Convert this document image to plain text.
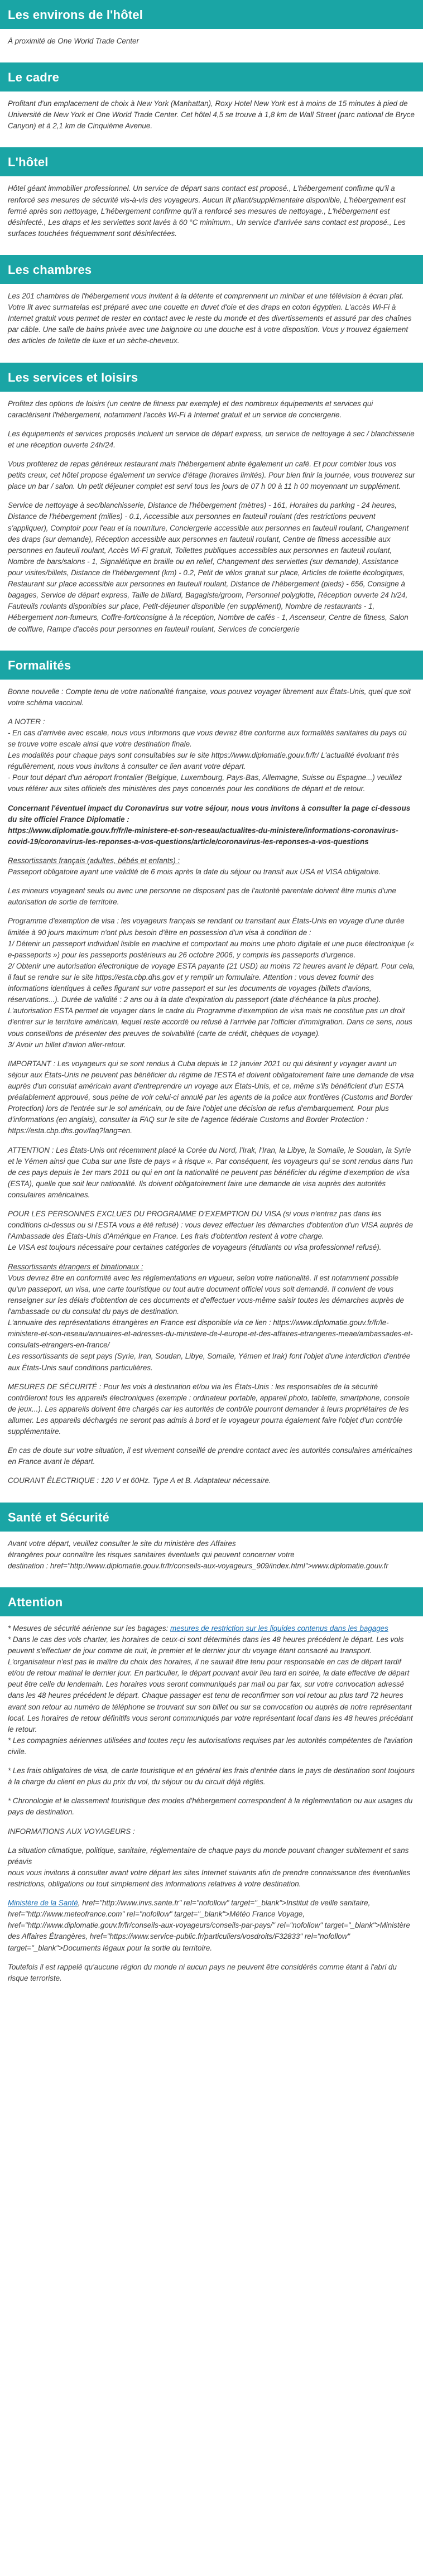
Les environs de l'hôtel

À proximité de One World Trade Center

Le cadre

Profitant d'un emplacement de choix à New York (Manhattan), Roxy Hotel New York est à moins de 15 minutes à pied de Université de New York et One World Trade Center. Cet hôtel 4,5 se trouve à 1,8 km de Wall Street (parc national de Bryce Canyon) et à 2,1 km de Cinquième Avenue.

L'hôtel

Hôtel géant immobilier professionnel. Un service de départ sans contact est proposé., L'hébergement confirme qu'il a renforcé ses mesures de sécurité vis-à-vis des voyageurs. Aucun lit pliant/supplémentaire disponible, L'hébergement est fermé après son nettoyage, L'hébergement confirme qu'il a renforcé ses mesures de nettoyage., L'hébergement est désinfecté., Les draps et les serviettes sont lavés à 60 °C minimum., Un service d'arrivée sans contact est proposé., Les surfaces touchées fréquemment sont désinfectées.

Les chambres

Les 201 chambres de l'hébergement vous invitent à la détente et comprennent un minibar et une télévision à écran plat. Votre lit avec surmatelas est préparé avec une couette en duvet d'oie et des draps en coton égyptien. L'accès Wi-Fi à Internet gratuit vous permet de rester en contact avec le reste du monde et des divertissements et assuré par des chaînes par câble. Une salle de bains privée avec une baignoire ou une douche est à votre disposition. Vous y trouvez également des articles de toilette de luxe et un sèche-cheveux.

Les services et loisirs

Profitez des options de loisirs (un centre de fitness par exemple) et des nombreux équipements et services qui caractérisent l'hébergement, notamment l'accès Wi-Fi à Internet gratuit et un service de conciergerie.

Les équipements et services proposés incluent un service de départ express, un service de nettoyage à sec / blanchisserie et une réception ouverte 24h/24.

Vous profiterez de repas généreux restaurant mais l'hébergement abrite également un café. Et pour combler tous vos petits creux, cet hôtel propose également un service d'étage (horaires limités). Pour bien finir la journée, vous trouverez sur place un bar / salon. Un petit déjeuner complet est servi tous les jours de 07 h 00 à 11 h 00 moyennant un supplément.

Service de nettoyage à sec/blanchisserie, Distance de l'hébergement (mètres) - 161, Horaires du parking - 24 heures, Distance de l'hébergement (milles) - 0.1, Accessible aux personnes en fauteuil roulant (des restrictions peuvent s'appliquer), Comptoir pour l'eau et la nourriture, Conciergerie accessible aux personnes en fauteuil roulant, Changement des draps (sur demande), Réception accessible aux personnes en fauteuil roulant, Centre de fitness accessible aux personnes en fauteuil roulant, Accès Wi-Fi gratuit, Toilettes publiques accessibles aux personnes en fauteuil roulant, Nombre de bars/salons - 1, Signalétique en braille ou en relief, Changement des serviettes (sur demande), Assistance pour visites/billets, Distance de l'hébergement (km) - 0.2, Petit de vélos gratuit sur place, Articles de toilette écologiques, Restaurant sur place accessible aux personnes en fauteuil roulant, Distance de l'hébergement (pieds) - 656, Consigne à bagages, Service de départ express, Taille de billard, Bagagiste/groom, Personnel polyglotte, Réception ouverte 24 h/24, Fauteuils roulants disponibles sur place, Petit-déjeuner disponible (en supplément), Nombre de restaurants - 1, Hébergement non-fumeurs, Coffre-fort/consigne à la réception, Nombre de cafés - 1, Ascenseur, Centre de fitness, Salon de coiffure, Rampe d'accès pour personnes en fauteuil roulant, Services de conciergerie

Formalités

Bonne nouvelle : Compte tenu de votre nationalité française, vous pouvez voyager librement aux États-Unis, quel que soit votre schéma vaccinal.

A NOTER :
- En cas d'arrivée avec escale, nous vous informons que vous devrez être conforme aux formalités sanitaires du pays où se trouve votre escale ainsi que votre destination finale.
Les modalités pour chaque pays sont consultables sur le site https://www.diplomatie.gouv.fr/fr/ L'actualité évoluant très régulièrement, nous vous invitons à consulter ce lien avant votre départ.
- Pour tout départ d'un aéroport frontalier (Belgique, Luxembourg, Pays-Bas, Allemagne, Suisse ou Espagne...) veuillez vous référer aux sites officiels des ministères des pays concernés pour les conditions de départ et de retour.

Concernant l'éventuel impact du Coronavirus sur votre séjour, nous vous invitons à consulter la page ci-dessous du site officiel France Diplomatie :
https://www.diplomatie.gouv.fr/fr/le-ministere-et-son-reseau/actualites-du-ministere/informations-coronavirus-covid-19/coronavirus-les-reponses-a-vos-questions/article/coronavirus-les-reponses-a-vos-questions

Ressortissants français (adultes, bébés et enfants) :

Passeport obligatoire ayant une validité de 6 mois après la date du séjour ou transit aux USA et VISA obligatoire.

Les mineurs voyageant seuls ou avec une personne ne disposant pas de l'autorité parentale doivent être munis d'une autorisation de sortie de territoire.

Programme d'exemption de visa : les voyageurs français se rendant ou transitant aux États-Unis en voyage d'une durée limitée à 90 jours maximum n'ont plus besoin d'être en possession d'un visa à condition de :
1/ Détenir un passeport individuel lisible en machine et comportant au moins une photo digitale et une puce électronique (« e-passeports ») pour les passeports postérieurs au 26 octobre 2006, y compris les passeports d'urgence.
2/ Obtenir une autorisation électronique de voyage ESTA payante (21 USD) au moins 72 heures avant le départ. Pour cela, il faut se rendre sur le site https://esta.cbp.dhs.gov et y remplir un formulaire. Attention : vous devez fournir des informations identiques à celles figurant sur votre passeport et sur les documents de voyages (billets d'avions, réservations...). Durée de validité : 2 ans ou à la date d'expiration du passeport (date d'échéance la plus proche). L'autorisation ESTA permet de voyager dans le cadre du Programme d'exemption de visa mais ne constitue pas un droit d'entrer sur le territoire américain, lequel reste accordé ou refusé à l'arrivée par l'officier d'immigration. Dans ce sens, nous vous conseillons de présenter des preuves de solvabilité (carte de crédit, chèques de voyage).
3/ Avoir un billet d'avion aller-retour.

IMPORTANT : Les voyageurs qui se sont rendus à Cuba depuis le 12 janvier 2021 ou qui désirent y voyager avant un séjour aux États-Unis ne peuvent pas bénéficier du régime de l'ESTA et doivent obligatoirement faire une demande de visa auprès d'un consulat américain avant d'entreprendre un voyage aux États-Unis, et ce, même s'ils bénéficient d'un ESTA préalablement approuvé, sous peine de voir celui-ci annulé par les agents de la police aux frontières (Customs and Border Protection) lors de l'entrée sur le sol américain, ou de faire l'objet une décision de refus d'embarquement. Pour plus d'informations (en anglais), consulter la FAQ sur le site de l'agence fédérale Customs and Border Protection : https://esta.cbp.dhs.gov/faq?lang=en.

ATTENTION : Les États-Unis ont récemment placé la Corée du Nord, l'Irak, l'Iran, la Libye, la Somalie, le Soudan, la Syrie et le Yémen ainsi que Cuba sur une liste de pays « à risque ». Par conséquent, les voyageurs qui se sont rendus dans l'un de ces pays depuis le 1er mars 2011 ou qui en ont la nationalité ne peuvent pas bénéficier du régime d'exemption de visa (ESTA), quelle que soit leur nationalité. Ils doivent obligatoirement faire une demande de visa auprès des autorités consulaires américaines.

POUR LES PERSONNES EXCLUES DU PROGRAMME D'EXEMPTION DU VISA (si vous n'entrez pas dans les conditions ci-dessus ou si l'ESTA vous a été refusé) : vous devez effectuer les démarches d'obtention d'un VISA auprès de l'Ambassade des États-Unis d'Amérique en France. Les frais d'obtention restent à votre charge.
Le VISA est toujours nécessaire pour certaines catégories de voyageurs (étudiants ou visa professionnel refusé).

Ressortissants étrangers et binationaux :

Vous devrez être en conformité avec les réglementations en vigueur, selon votre nationalité. Il est notamment possible qu'un passeport, un visa, une carte touristique ou tout autre document officiel vous soit demandé. Il convient de vous renseigner sur les délais d'obtention de ces documents et d'effectuer vous-même saisir toutes les démarches auprès de l'ambassade ou du consulat du pays de destination.
L'annuaire des représentations étrangères en France est disponible via ce lien : https://www.diplomatie.gouv.fr/fr/le-ministere-et-son-reseau/annuaires-et-adresses-du-ministere-de-l-europe-et-des-affaires-etrangeres-meae/ambassades-et-consulats-etrangers-en-france/
Les ressortissants de sept pays (Syrie, Iran, Soudan, Libye, Somalie, Yémen et Irak) font l'objet d'une interdiction d'entrée aux États-Unis sauf conditions particulières.

MESURES DE SÉCURITÉ : Pour les vols à destination et/ou via les États-Unis : les responsables de la sécurité contrôleront tous les appareils électroniques (exemple : ordinateur portable, appareil photo, tablette, smartphone, console de jeux...). Les appareils doivent être chargés car les autorités de contrôle pourront demander à leurs propriétaires de les allumer. Les appareils déchargés ne seront pas admis à bord et le voyageur pourra également faire l'objet d'un contrôle supplémentaire.

En cas de doute sur votre situation, il est vivement conseillé de prendre contact avec les autorités consulaires américaines en France avant le départ.

COURANT ÉLECTRIQUE : 120 V et 60Hz. Type A et B. Adaptateur nécessaire.

Santé et Sécurité

Avant votre départ, veuillez consulter le site du ministère des Affaires
étrangères pour connaître les risques sanitaires éventuels qui peuvent concerner votre
destination : href="http://www.diplomatie.gouv.fr/fr/conseils-aux-voyageurs_909/index.html">www.diplomatie.gouv.fr

Attention

* Mesures de sécurité aérienne sur les bagages: mesures de restriction sur les liquides contenus dans les bagages
* Dans le cas des vols charter, les horaires de ceux-ci sont déterminés dans les 48 heures précédent le départ. Les vols peuvent s'effectuer de jour comme de nuit, le premier et le dernier jour du voyage étant consacré au transport.
L'organisateur n'est pas le maître du choix des horaires, il ne saurait être tenu pour responsable en cas de départ tardif et/ou de retour matinal le dernier jour. En particulier, le départ pouvant avoir lieu tard en soirée, la date effective de départ peut être celle du lendemain. Les horaires vous seront communiqués par mail ou par fax, sur votre convocation adressé dans les 48 heures précédent le départ. Chaque passager est tenu de reconfirmer son vol retour au plus tard 72 heures avant son retour au numéro de téléphone se trouvant sur son billet ou sur sa convocation ou auprès de notre représentant local. Les horaires de retour définitifs vous seront communiqués par votre représentant local dans les 48 heures précédant le retour.
* Les compagnies aériennes utilisées and toutes reçu les autorisations requises par les autorités compétentes de l'aviation civile.

* Les frais obligatoires de visa, de carte touristique et en général les frais d'entrée dans le pays de destination sont toujours à la charge du client en plus du prix du vol, du séjour ou du circuit déjà réglés.

* Chronologie et le classement touristique des modes d'hébergement correspondent à la réglementation ou aux usages du pays de destination.

INFORMATIONS AUX VOYAGEURS :

La situation climatique, politique, sanitaire, réglementaire de chaque pays du monde pouvant changer subitement et sans préavis
nous vous invitons à consulter avant votre départ les sites Internet suivants afin de prendre connaissance des éventuelles restrictions, obligations ou tout simplement des informations relatives à votre destination.

Ministère de la Santé, href="http://www.invs.sante.fr" rel="nofollow" target="_blank">Institut de veille sanitaire, href="http://www.meteofrance.com" rel="nofollow" target="_blank">Météo France Voyage, href="http://www.diplomatie.gouv.fr/fr/conseils-aux-voyageurs/conseils-par-pays/" rel="nofollow" target="_blank">Ministère des Affaires Étrangères, href="https://www.service-public.fr/particuliers/vosdroits/F32833" rel="nofollow" target="_blank">Documents légaux pour la sortie du territoire.

Toutefois il est rappelé qu'aucune région du monde ni aucun pays ne peuvent être considérés comme étant à l'abri du risque terroriste.
